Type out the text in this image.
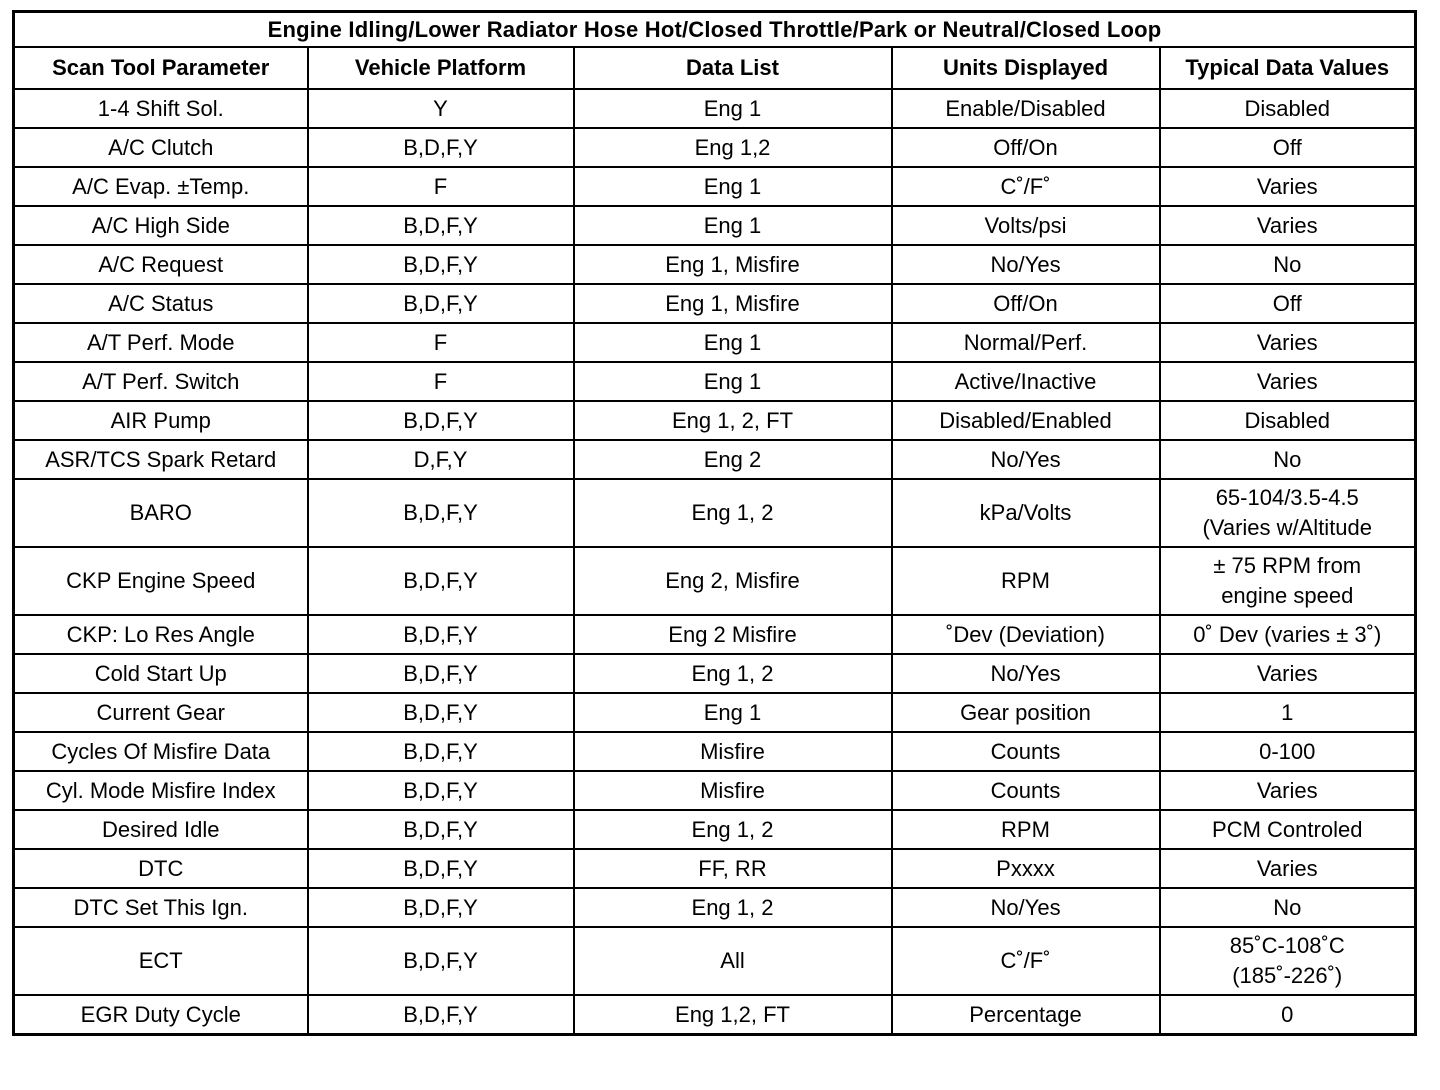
Engine Idling/Lower Radiator Hose Hot/Closed Throttle/Park or Neutral/Closed Loop				
Scan Tool Parameter	Vehicle Platform	Data List	Units Displayed	Typical Data Values
1-4 Shift Sol.	Y	Eng 1	Enable/Disabled	Disabled
A/C Clutch	B,D,F,Y	Eng 1,2	Off/On	Off
A/C Evap. ±Temp.	F	Eng 1	C˚/F˚	Varies
A/C High Side	B,D,F,Y	Eng 1	Volts/psi	Varies
A/C Request	B,D,F,Y	Eng 1, Misfire	No/Yes	No
A/C Status	B,D,F,Y	Eng 1, Misfire	Off/On	Off
A/T Perf. Mode	F	Eng 1	Normal/Perf.	Varies
A/T Perf. Switch	F	Eng 1	Active/Inactive	Varies
AIR Pump	B,D,F,Y	Eng 1, 2, FT	Disabled/Enabled	Disabled
ASR/TCS Spark Retard	D,F,Y	Eng 2	No/Yes	No
BARO	B,D,F,Y	Eng 1, 2	kPa/Volts	65-104/3.5-4.5
(Varies w/Altitude

CKP Engine Speed	B,D,F,Y	Eng 2, Misfire	RPM	± 75 RPM from
engine speed

CKP: Lo Res Angle	B,D,F,Y	Eng 2 Misfire	˚Dev (Deviation)	0˚ Dev (varies ± 3˚)
Cold Start Up	B,D,F,Y	Eng 1, 2	No/Yes	Varies
Current Gear	B,D,F,Y	Eng 1	Gear position	1
Cycles Of Misfire Data	B,D,F,Y	Misfire	Counts	0-100
Cyl. Mode Misfire Index	B,D,F,Y	Misfire	Counts	Varies
Desired Idle	B,D,F,Y	Eng 1, 2	RPM	PCM Controled
DTC	B,D,F,Y	FF, RR	Pxxxx	Varies
DTC Set This Ign.	B,D,F,Y	Eng 1, 2	No/Yes	No
ECT	B,D,F,Y	All	C˚/F˚	85˚C-108˚C
(185˚-226˚)

EGR Duty Cycle	B,D,F,Y	Eng 1,2, FT	Percentage	0
